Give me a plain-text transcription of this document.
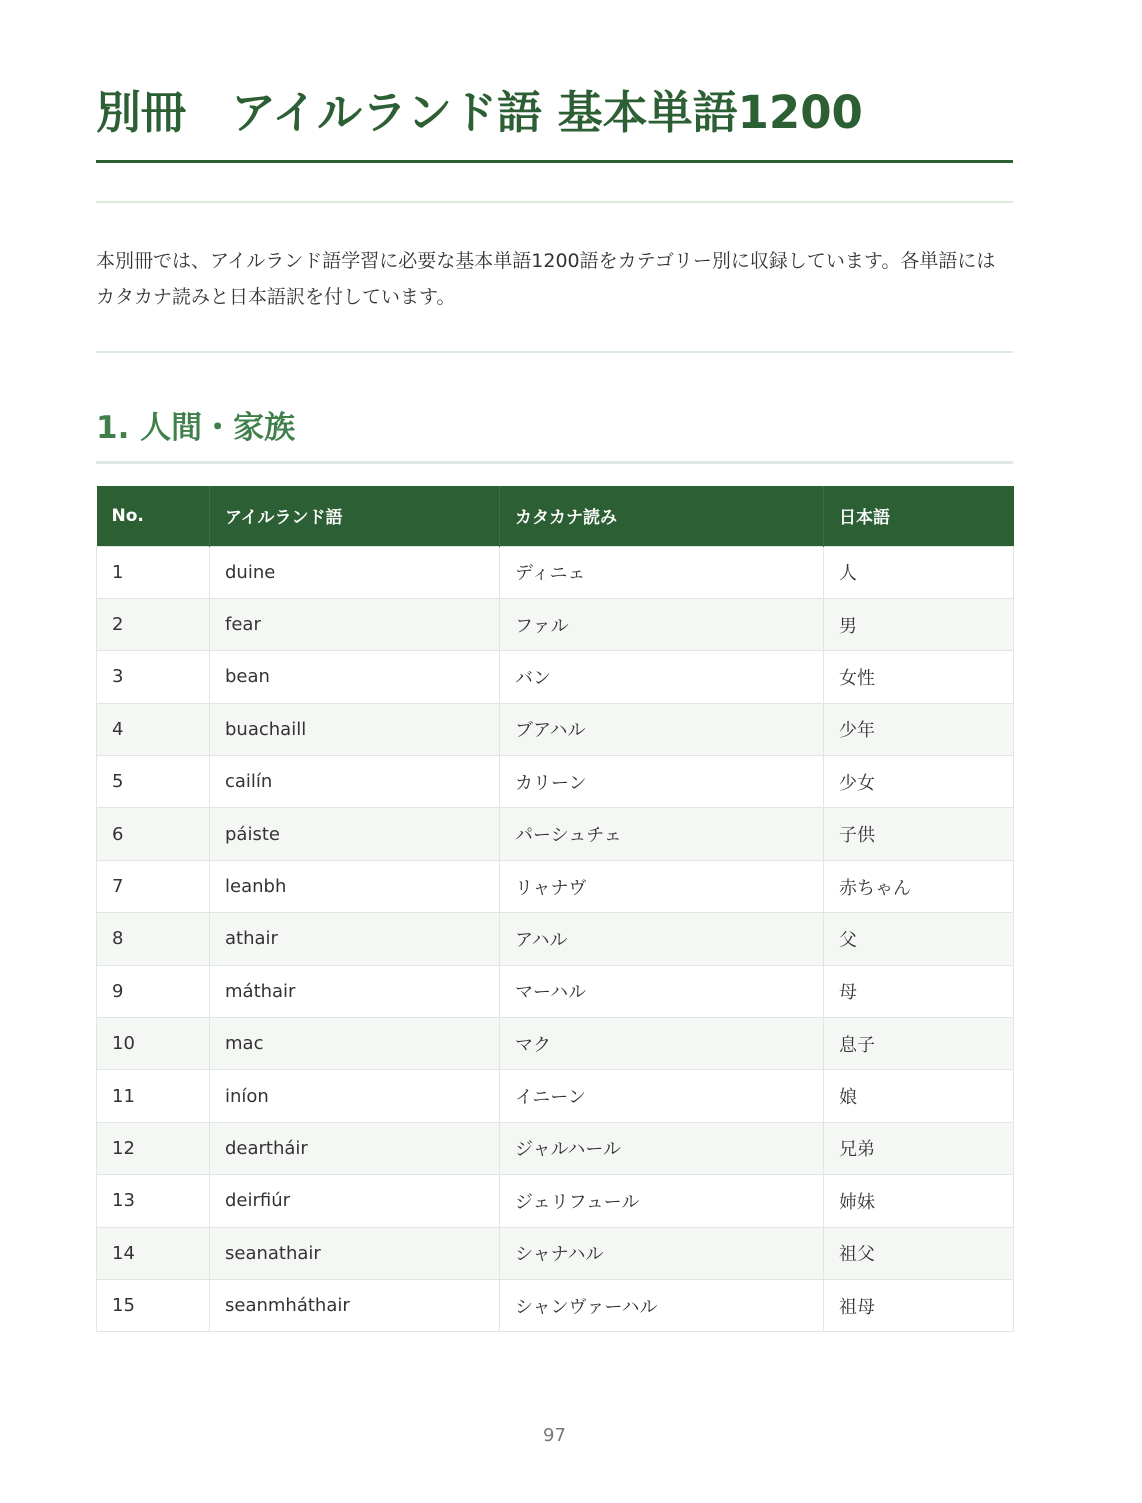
別冊　アイルランド語 基本単語1200

本別冊では、アイルランド語学習に必要な基本単語1200語をカテゴリー別に収録しています。各単語にはカタカナ読みと日本語訳を付しています。

1. 人間・家族
No.	アイルランド語	カタカナ読み	日本語
1	duine	ディニェ	人
2	fear	ファル	男
3	bean	バン	女性
4	buachaill	ブアハル	少年
5	cailín	カリーン	少女
6	páiste	パーシュチェ	子供
7	leanbh	リャナヴ	赤ちゃん
8	athair	アハル	父
9	máthair	マーハル	母
10	mac	マク	息子
11	iníon	イニーン	娘
12	deartháir	ジャルハール	兄弟
13	deirfiúr	ジェリフュール	姉妹
14	seanathair	シャナハル	祖父
15	seanmháthair	シャンヴァーハル	祖母
97
